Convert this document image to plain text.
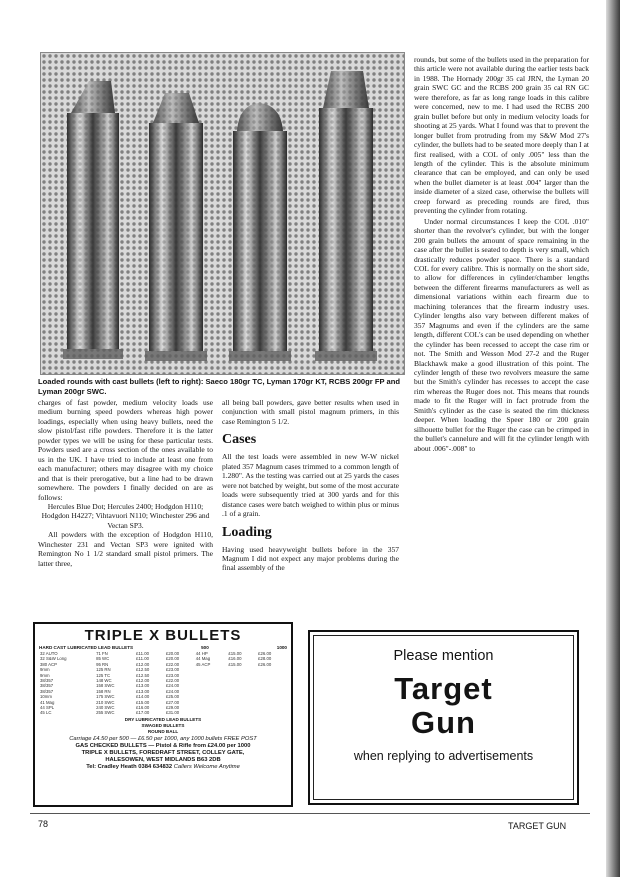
Loaded rounds with cast bullets (left to right): Saeco 180gr TC, Lyman 170gr KT, RCBS 200gr FP and Lyman 200gr SWC.

charges of fast powder, medium velocity loads use medium burning speed powders whereas high power loadings, especially when using heavy bullets, need the slow pistol/fast rifle powders. Therefore it is the latter powder types we will be using for these particular tests. Powders used are a cross section of the ones available to us in the UK. I have tried to include at least one from each manufacturer; others may disagree with my choice and that is their prerogative, but a line had to be drawn somewhere. The powders I finally decided on are as follows:

Hercules Blue Dot; Hercules 2400; Hodgdon H110; Hodgdon H4227; Vihtavuori N110; Winchester 296 and Vectan SP3.

All powders with the exception of Hodgdon H110, Winchester 231 and Vectan SP3 were ignited with Remington No 1 1/2 standard small pistol primers. The latter three,

all being ball powders, gave better results when used in conjunction with small pistol magnum primers, in this case Remington 5 1/2.

Cases

All the test loads were assembled in new W-W nickel plated 357 Magnum cases trimmed to a common length of 1.280". As the testing was carried out at 25 yards the cases were not batched by weight, but some of the most accurate loads were subsequently tried at 300 yards and for this distance cases were batch weighed to within plus or minus .1 of a grain.

Loading

Having used heavyweight bullets before in the 357 Magnum I did not expect any major problems during the final assembly of the

rounds, but some of the bullets used in the preparation for this article were not available during the earlier tests back in 1988. The Hornady 200gr 35 cal JRN, the Lyman 20 grain SWC GC and the RCBS 200 grain 35 cal RN GC were therefore, as far as long range loads in this calibre were concerned, new to me. I had used the RCBS 200 grain bullet before but only in medium velocity loads for shooting at 25 yards. What I found was that to prevent the longer bullet from protruding from my S&W Mod 27's cylinder, the bullets had to be seated more deeply than I at first realised, with a COL of only .005" less than the length of the cylinder. This is the absolute minimum clearance that can be employed, and can only be used when the bullet diameter is at least .004" larger than the inside diameter of a sized case, otherwise the bullets will creep forward as preceding rounds are fired, thus preventing the cylinder from rotating.

Under normal circumstances I keep the COL .010" shorter than the revolver's cylinder, but with the longer 200 grain bullets the amount of space remaining in the case after the bullet is seated to depth is very small, which drastically reduces powder space. There is a standard COL for every calibre. This is normally on the short side, to allow for differences in cylinder/chamber lengths between the different firearms manufacturers as well as dimensional variations within each firearm due to machining tolerances that the firearm industry uses. Cylinder lengths also vary between different makes of 357 Magnums and even if the cylinders are the same length, different COL's can be used depending on whether the cylinder has been recessed to accept the case rim or not. The Smith and Wesson Mod 27-2 and the Ruger Blackhawk make a good illustration of this point. The cylinder length of these two revolvers measure the same but the Smith's cylinder has recesses to accept the case rim whereas the Ruger does not. This means that rounds made to fit the Ruger will in fact protrude from the Smith's cylinder as the case is seated the rim thickness deeper. When loading the Speer 180 or 200 grain silhouette bullet for the Ruger the case can be crimped in the bullet's cannelure and will fit the cylinder length with about .006"-.008" to

TRIPLE X BULLETS
HARD CAST LUBRICATED LEAD BULLETS	500	1000
32 AUTO	71 FN	£11.00	£20.00	44 HP	£15.00	£26.00
32 S&W Long	85 WC	£11.00	£20.00	44 Mag	£16.00	£28.00
380 ACP	95 RN	£12.00	£22.00	45 ACP	£15.00	£26.00
9mm	125 RN	£12.50	£23.00			
9mm	125 TC	£12.50	£23.00			
38/357	148 WC	£12.00	£22.00			
38/357	158 SWC	£13.00	£24.00			
38/357	158 RN	£13.00	£24.00			
10mm	175 SWC	£14.00	£25.00			
41 Mag	210 SWC	£15.00	£27.00			
44 SPL	240 SWC	£16.00	£29.00			
45 LC	255 SWC	£17.00	£31.00			
DRY LUBRICATED LEAD BULLETS
SWAGED BULLETS
ROUND BALL
Carriage £4.50 per 500 — £6.50 per 1000, any 1000 bullets FREE POST
GAS CHECKED BULLETS — Pistol & Rifle from £24.00 per 1000
TRIPLE X BULLETS, FOREDRAFT STREET, COLLEY GATE,
HALESOWEN, WEST MIDLANDS B63 2DB
Tel: Cradley Heath 0384 634832 Callers Welcome Anytime
Please mention
Target
Gun
when replying to advertisements
78	TARGET GUN
